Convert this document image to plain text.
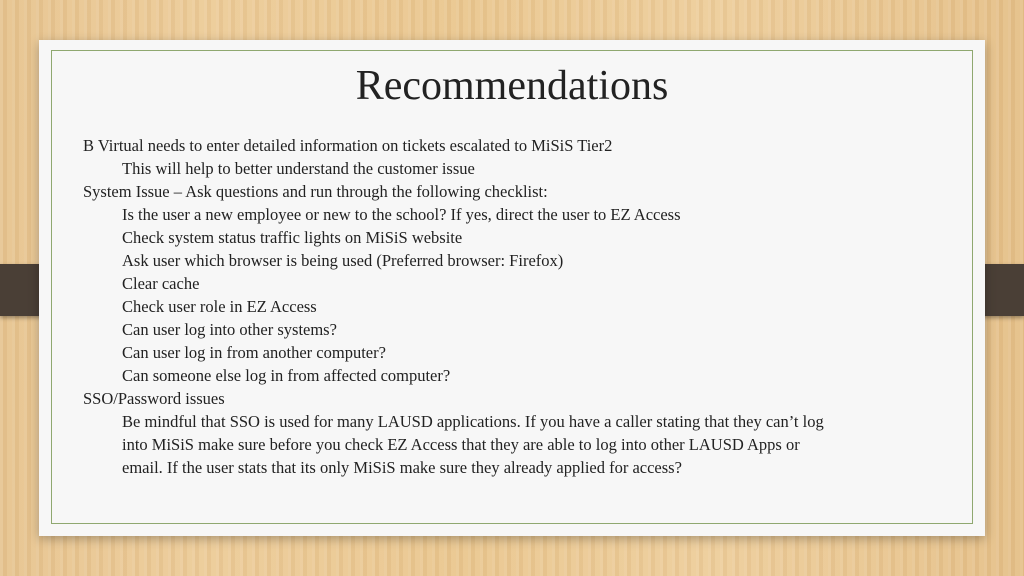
Recommendations
B Virtual needs to enter detailed information on tickets escalated to MiSiS Tier2
This will help to better understand the customer issue
System Issue – Ask questions and run through the following checklist:
Is the user a new employee or new to the school? If yes, direct the user to EZ Access
Check system status traffic lights on MiSiS website
Ask user which browser is being used (Preferred browser: Firefox)
Clear cache
Check user role in EZ Access
Can user log into other systems?
Can user log in from another computer?
Can someone else log in from affected computer?
SSO/Password issues
Be mindful that SSO is used for many LAUSD applications. If you have a caller stating that they can’t log
into MiSiS make sure before you check EZ Access that they are able to log into other LAUSD Apps or
email. If the user stats that its only MiSiS make sure they already applied for access?
